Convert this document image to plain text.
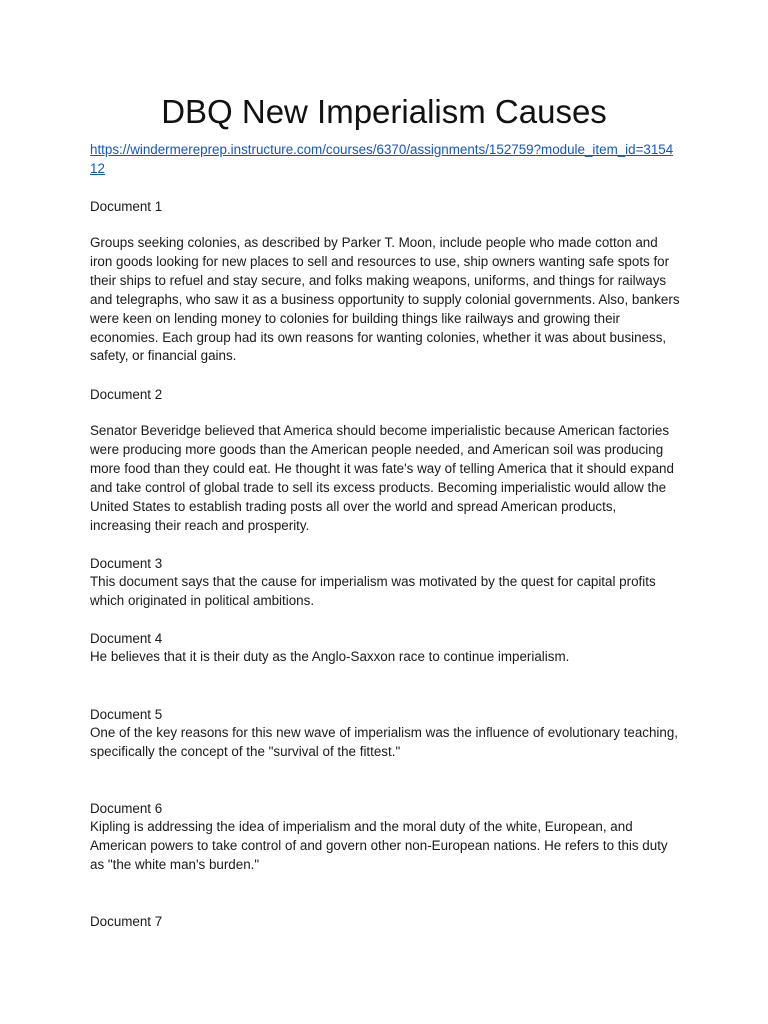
DBQ New Imperialism Causes
https://windermereprep.instructure.com/courses/6370/assignments/152759?module_item_id=315412
Document 1

Groups seeking colonies, as described by Parker T. Moon, include people who made cotton and iron goods looking for new places to sell and resources to use, ship owners wanting safe spots for their ships to refuel and stay secure, and folks making weapons, uniforms, and things for railways and telegraphs, who saw it as a business opportunity to supply colonial governments. Also, bankers were keen on lending money to colonies for building things like railways and growing their economies. Each group had its own reasons for wanting colonies, whether it was about business, safety, or financial gains.

Document 2

Senator Beveridge believed that America should become imperialistic because American factories were producing more goods than the American people needed, and American soil was producing more food than they could eat. He thought it was fate's way of telling America that it should expand and take control of global trade to sell its excess products. Becoming imperialistic would allow the United States to establish trading posts all over the world and spread American products, increasing their reach and prosperity.

Document 3

This document says that the cause for imperialism was motivated by the quest for capital profits which originated in political ambitions.

Document 4

He believes that it is their duty as the Anglo-Saxxon race to continue imperialism.

Document 5

One of the key reasons for this new wave of imperialism was the influence of evolutionary teaching, specifically the concept of the "survival of the fittest."

Document 6

Kipling is addressing the idea of imperialism and the moral duty of the white, European, and American powers to take control of and govern other non-European nations. He refers to this duty as "the white man's burden."

Document 7
